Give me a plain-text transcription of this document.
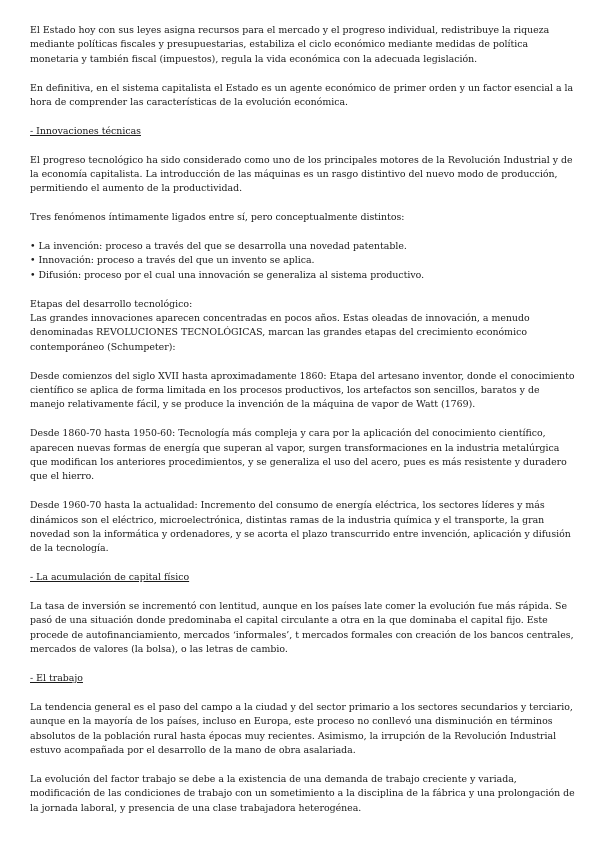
El Estado hoy con sus leyes asigna recursos para el mercado y el progreso individual, redistribuye la riqueza mediante políticas fiscales y presupuestarias, estabiliza el ciclo económico mediante medidas de política monetaria y también fiscal (impuestos), regula la vida económica con la adecuada legislación.

En definitiva, en el sistema capitalista el Estado es un agente económico de primer orden y un factor esencial a la hora de comprender las características de la evolución económica.

- Innovaciones técnicas

El progreso tecnológico ha sido considerado como uno de los principales motores de la Revolución Industrial y de la economía capitalista. La introducción de las máquinas es un rasgo distintivo del nuevo modo de producción, permitiendo el aumento de la productividad.

Tres fenómenos íntimamente ligados entre sí, pero conceptualmente distintos:

• La invención: proceso a través del que se desarrolla una novedad patentable.
• Innovación: proceso a través del que un invento se aplica.
• Difusión: proceso por el cual una innovación se generaliza al sistema productivo.

Etapas del desarrollo tecnológico:

Las grandes innovaciones aparecen concentradas en pocos años. Estas oleadas de innovación, a menudo denominadas REVOLUCIONES TECNOLÓGICAS, marcan las grandes etapas del crecimiento económico contemporáneo (Schumpeter):

Desde comienzos del siglo XVII hasta aproximadamente 1860: Etapa del artesano inventor, donde el conocimiento científico se aplica de forma limitada en los procesos productivos, los artefactos son sencillos, baratos y de manejo relativamente fácil, y se produce la invención de la máquina de vapor de Watt (1769).

Desde 1860-70 hasta 1950-60: Tecnología más compleja y cara por la aplicación del conocimiento científico, aparecen nuevas formas de energía que superan al vapor, surgen transformaciones en la industria metalúrgica que modifican los anteriores procedimientos, y se generaliza el uso del acero, pues es más resistente y duradero que el hierro.

Desde 1960-70 hasta la actualidad: Incremento del consumo de energía eléctrica, los sectores líderes y más dinámicos son el eléctrico, microelectrónica, distintas ramas de la industria química y el transporte, la gran novedad son la informática y ordenadores, y se acorta el plazo transcurrido entre invención, aplicación y difusión de la tecnología.

- La acumulación de capital físico

La tasa de inversión se incrementó con lentitud, aunque en los países late comer la evolución fue más rápida. Se pasó de una situación donde predominaba el capital circulante a otra en la que dominaba el capital fijo. Este procede de autofinanciamiento, mercados ‘informales’, t mercados formales con creación de los bancos centrales, mercados de valores (la bolsa), o las letras de cambio.

- El trabajo

La tendencia general es el paso del campo a la ciudad y del sector primario a los sectores secundarios y terciario, aunque en la mayoría de los países, incluso en Europa, este proceso no conllevó una disminución en términos absolutos de la población rural hasta épocas muy recientes. Asimismo, la irrupción de la Revolución Industrial estuvo acompañada por el desarrollo de la mano de obra asalariada.

La evolución del factor trabajo se debe a la existencia de una demanda de trabajo creciente y variada, modificación de las condiciones de trabajo con un sometimiento a la disciplina de la fábrica y una prolongación de la jornada laboral, y presencia de una clase trabajadora heterogénea.
